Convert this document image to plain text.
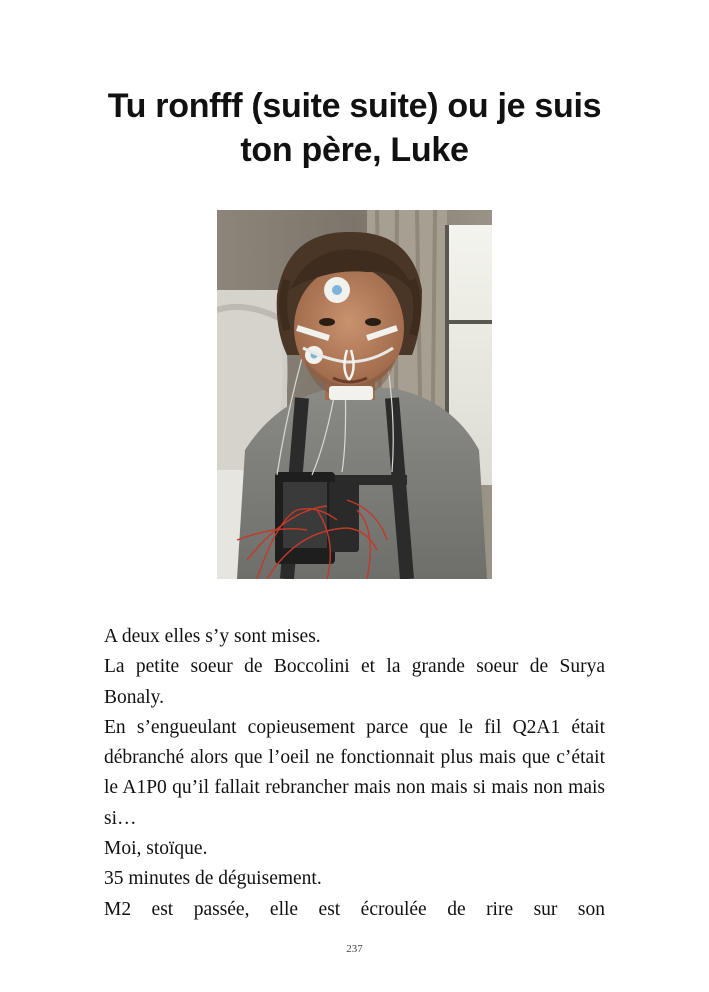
Tu ronfff (suite suite) ou je suis
ton père, Luke

A deux elles s’y sont mises.

La petite soeur de Boccolini et la grande soeur de Surya Bonaly.

En s’engueulant copieusement parce que le fil Q2A1 était débranché alors que l’oeil ne fonctionnait plus mais que c’était le A1P0 qu’il fallait rebrancher mais non mais si mais non mais si…

Moi, stoïque.

35 minutes de déguisement.

M2 est passée, elle est écroulée de rire sur son

237
